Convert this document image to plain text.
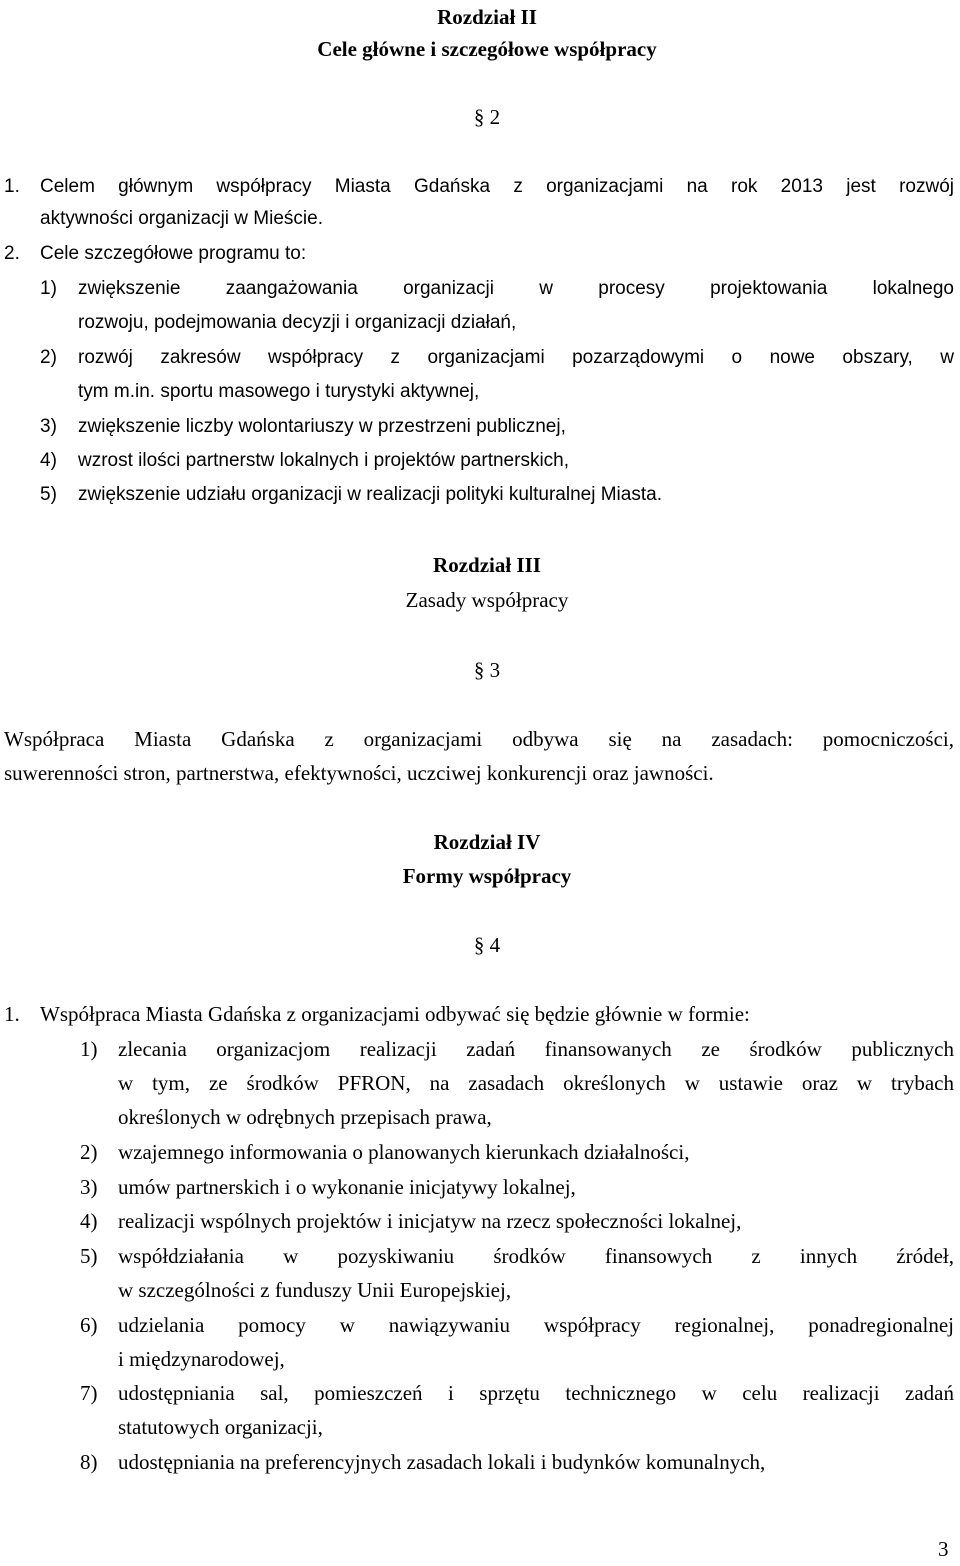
Rozdział II
Cele główne i szczegółowe współpracy
§ 2
1. Celem głównym współpracy Miasta Gdańska z organizacjami na rok 2013 jest rozwój
aktywności organizacji w Mieście.
2. Cele szczegółowe programu to:
1) zwiększenie zaangażowania organizacji w procesy projektowania lokalnego
rozwoju, podejmowania decyzji i organizacji działań,
2) rozwój zakresów współpracy z organizacjami pozarządowymi o nowe obszary, w
tym m.in. sportu masowego i turystyki aktywnej,
3) zwiększenie liczby wolontariuszy w przestrzeni publicznej,
4) wzrost ilości partnerstw lokalnych i projektów partnerskich,
5) zwiększenie udziału organizacji w realizacji polityki kulturalnej Miasta.
Rozdział III
Zasady współpracy
§ 3
Współpraca Miasta Gdańska z organizacjami odbywa się na zasadach: pomocniczości,
suwerenności stron, partnerstwa, efektywności, uczciwej konkurencji oraz jawności.
Rozdział IV
Formy współpracy
§ 4
1. Współpraca Miasta Gdańska z organizacjami odbywać się będzie głównie w formie:
1) zlecania organizacjom realizacji zadań finansowanych ze środków publicznych
w tym, ze środków PFRON, na zasadach określonych w ustawie oraz w trybach
określonych w odrębnych przepisach prawa,
2) wzajemnego informowania o planowanych kierunkach działalności,
3) umów partnerskich i o wykonanie inicjatywy lokalnej,
4) realizacji wspólnych projektów i inicjatyw na rzecz społeczności lokalnej,
5) współdziałania w pozyskiwaniu środków finansowych z innych źródeł,
w szczególności z funduszy Unii Europejskiej,
6) udzielania pomocy w nawiązywaniu współpracy regionalnej, ponadregionalnej
i międzynarodowej,
7) udostępniania sal, pomieszczeń i sprzętu technicznego w celu realizacji zadań
statutowych organizacji,
8) udostępniania na preferencyjnych zasadach lokali i budynków komunalnych,
3
